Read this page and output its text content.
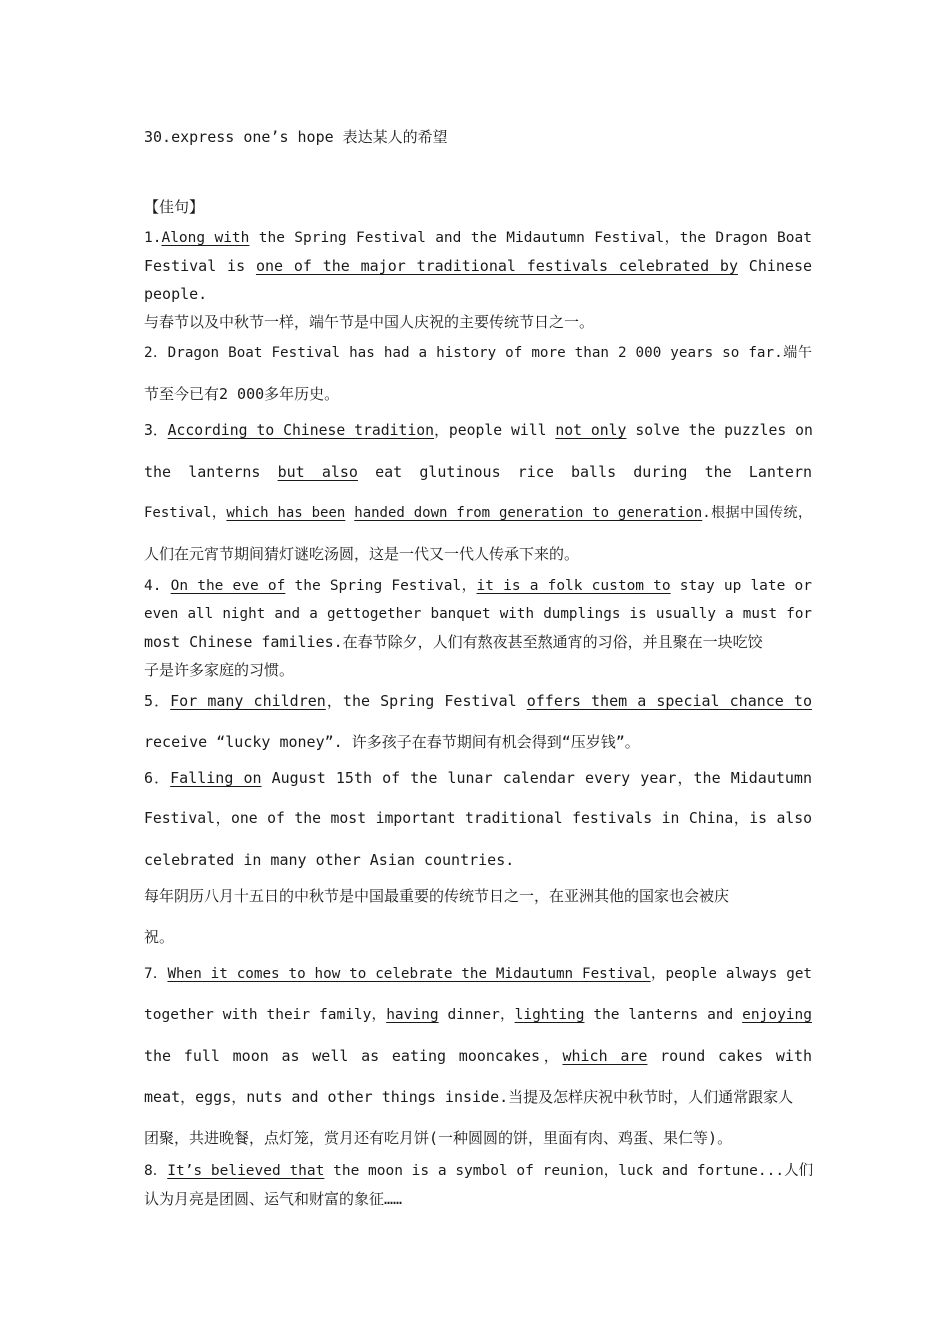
30.express one’s hope 表达某人的希望

【佳句】

1.Along with the Spring Festival and the Midautumn Festival，the Dragon Boat

Festival is one of the major traditional festivals celebrated by Chinese

people.

与春节以及中秋节一样，端午节是中国人庆祝的主要传统节日之一。

2．Dragon Boat Festival has had a history of more than 2 000 years so far.端午

节至今已有2 000多年历史。

3．According to Chinese tradition，people will not only solve the puzzles on

the lanterns but also eat glutinous rice balls during the Lantern

Festival，which has been handed down from generation to generation.根据中国传统，

人们在元宵节期间猜灯谜吃汤圆，这是一代又一代人传承下来的。

4. On the eve of the Spring Festival，it is a folk custom to stay up late or

even all night and a gettogether banquet with dumplings is usually a must for

most Chinese families.在春节除夕，人们有熬夜甚至熬通宵的习俗，并且聚在一块吃饺

子是许多家庭的习惯。

5．For many children，the Spring Festival offers them a special chance to

receive “lucky money”. 许多孩子在春节期间有机会得到“压岁钱”。

6．Falling on August 15th of the lunar calendar every year，the Midautumn

Festival，one of the most important traditional festivals in China，is also

celebrated in many other Asian countries.

每年阴历八月十五日的中秋节是中国最重要的传统节日之一，在亚洲其他的国家也会被庆

祝。

7．When it comes to how to celebrate the Midautumn Festival，people always get

together with their family，having dinner，lighting the lanterns and enjoying

the full moon as well as eating mooncakes，which are round cakes with

meat，eggs，nuts and other things inside.当提及怎样庆祝中秋节时，人们通常跟家人

团聚，共进晚餐，点灯笼，赏月还有吃月饼(一种圆圆的饼，里面有肉、鸡蛋、果仁等)。

8．It’s believed that the moon is a symbol of reunion，luck and fortune...人们

认为月亮是团圆、运气和财富的象征……
